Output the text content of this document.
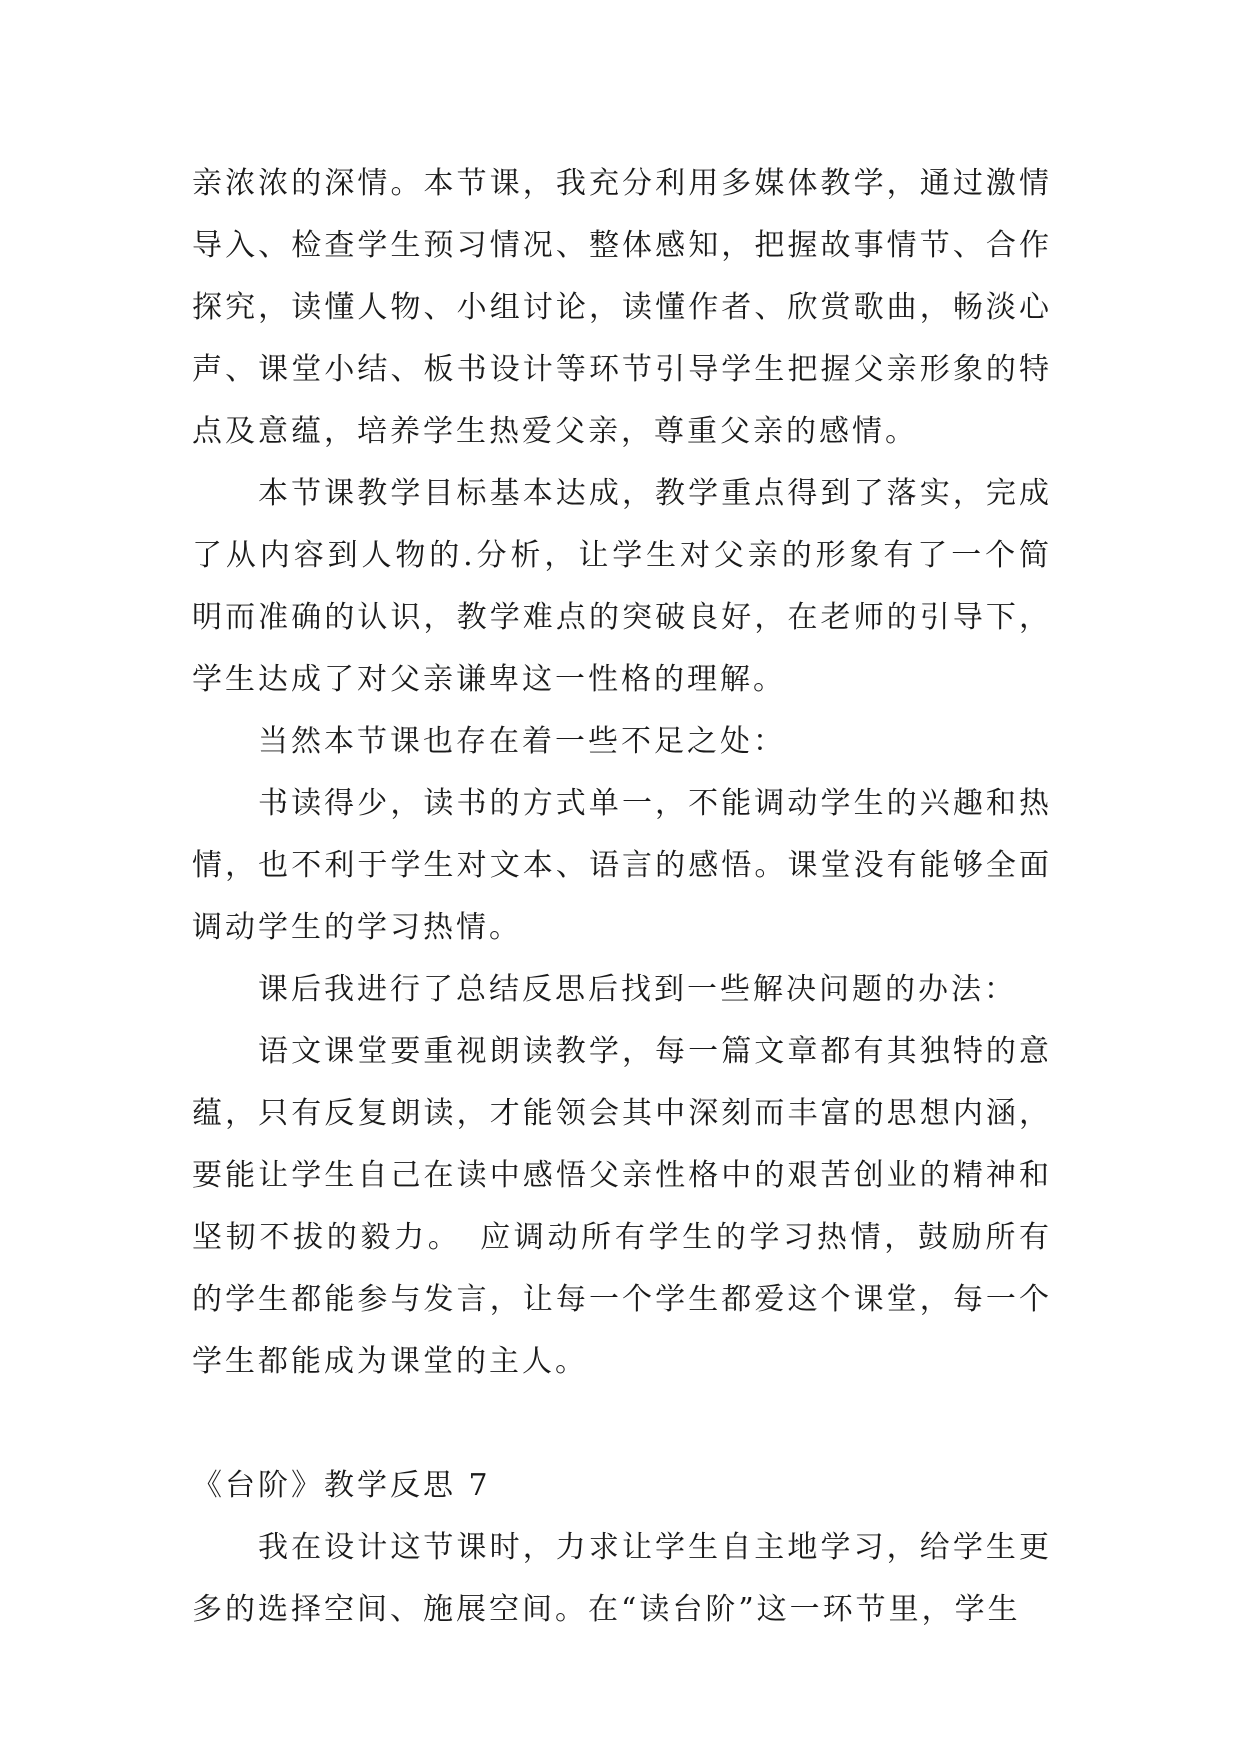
亲浓浓的深情。本节课，我充分利用多媒体教学，通过激情导入、检查学生预习情况、整体感知，把握故事情节、合作探究，读懂人物、小组讨论，读懂作者、欣赏歌曲，畅淡心声、课堂小结、板书设计等环节引导学生把握父亲形象的特点及意蕴，培养学生热爱父亲，尊重父亲的感情。

本节课教学目标基本达成，教学重点得到了落实，完成了从内容到人物的.分析，让学生对父亲的形象有了一个简明而准确的认识，教学难点的突破良好，在老师的引导下，学生达成了对父亲谦卑这一性格的理解。

当然本节课也存在着一些不足之处：

书读得少，读书的方式单一，不能调动学生的兴趣和热情，也不利于学生对文本、语言的感悟。课堂没有能够全面调动学生的学习热情。

课后我进行了总结反思后找到一些解决问题的办法：

语文课堂要重视朗读教学，每一篇文章都有其独特的意蕴，只有反复朗读，才能领会其中深刻而丰富的思想内涵，要能让学生自己在读中感悟父亲性格中的艰苦创业的精神和坚韧不拔的毅力。　应调动所有学生的学习热情，鼓励所有的学生都能参与发言，让每一个学生都爱这个课堂，每一个学生都能成为课堂的主人。

《台阶》教学反思 7

我在设计这节课时，力求让学生自主地学习，给学生更多的选择空间、施展空间。在“读台阶”这一环节里，学生
